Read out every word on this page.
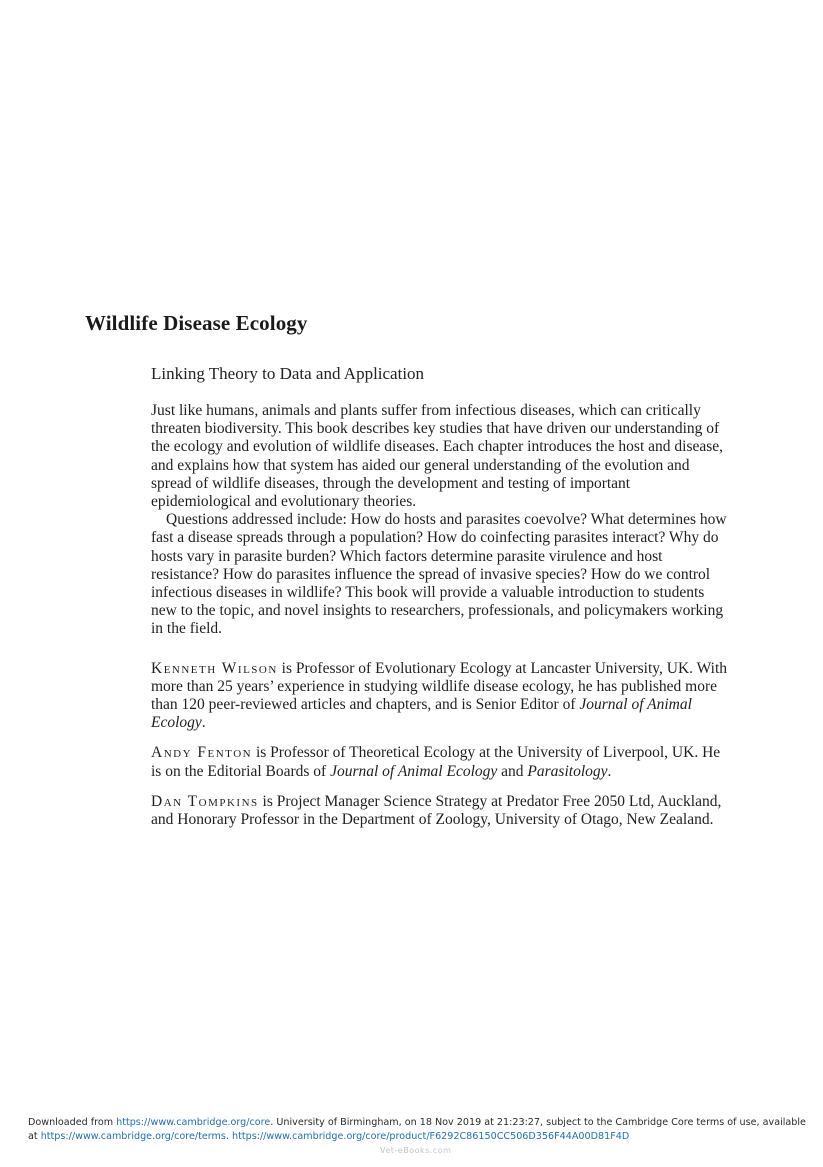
Wildlife Disease Ecology
Linking Theory to Data and Application

Just like humans, animals and plants suffer from infectious diseases, which can critically threaten biodiversity. This book describes key studies that have driven our understanding of the ecology and evolution of wildlife diseases. Each chapter introduces the host and disease, and explains how that system has aided our general understanding of the evolution and spread of wildlife diseases, through the development and testing of important epidemiological and evolutionary theories.

Questions addressed include: How do hosts and parasites coevolve? What determines how fast a disease spreads through a population? How do coinfecting parasites interact? Why do hosts vary in parasite burden? Which factors determine parasite virulence and host resistance? How do parasites influence the spread of invasive species? How do we control infectious diseases in wildlife? This book will provide a valuable introduction to students new to the topic, and novel insights to researchers, professionals, and policymakers working in the field.

Kenneth Wilson is Professor of Evolutionary Ecology at Lancaster University, UK. With more than 25 years’ experience in studying wildlife disease ecology, he has published more than 120 peer-reviewed articles and chapters, and is Senior Editor of Journal of Animal Ecology.

Andy Fenton is Professor of Theoretical Ecology at the University of Liverpool, UK. He is on the Editorial Boards of Journal of Animal Ecology and Parasitology.

Dan Tompkins is Project Manager Science Strategy at Predator Free 2050 Ltd, Auckland, and Honorary Professor in the Department of Zoology, University of Otago, New Zealand.

Downloaded from https://www.cambridge.org/core. University of Birmingham, on 18 Nov 2019 at 21:23:27, subject to the Cambridge Core terms of use, available at https://www.cambridge.org/core/terms. https://www.cambridge.org/core/product/F6292C86150CC506D356F44A00D81F4D
Vet-eBooks.com
